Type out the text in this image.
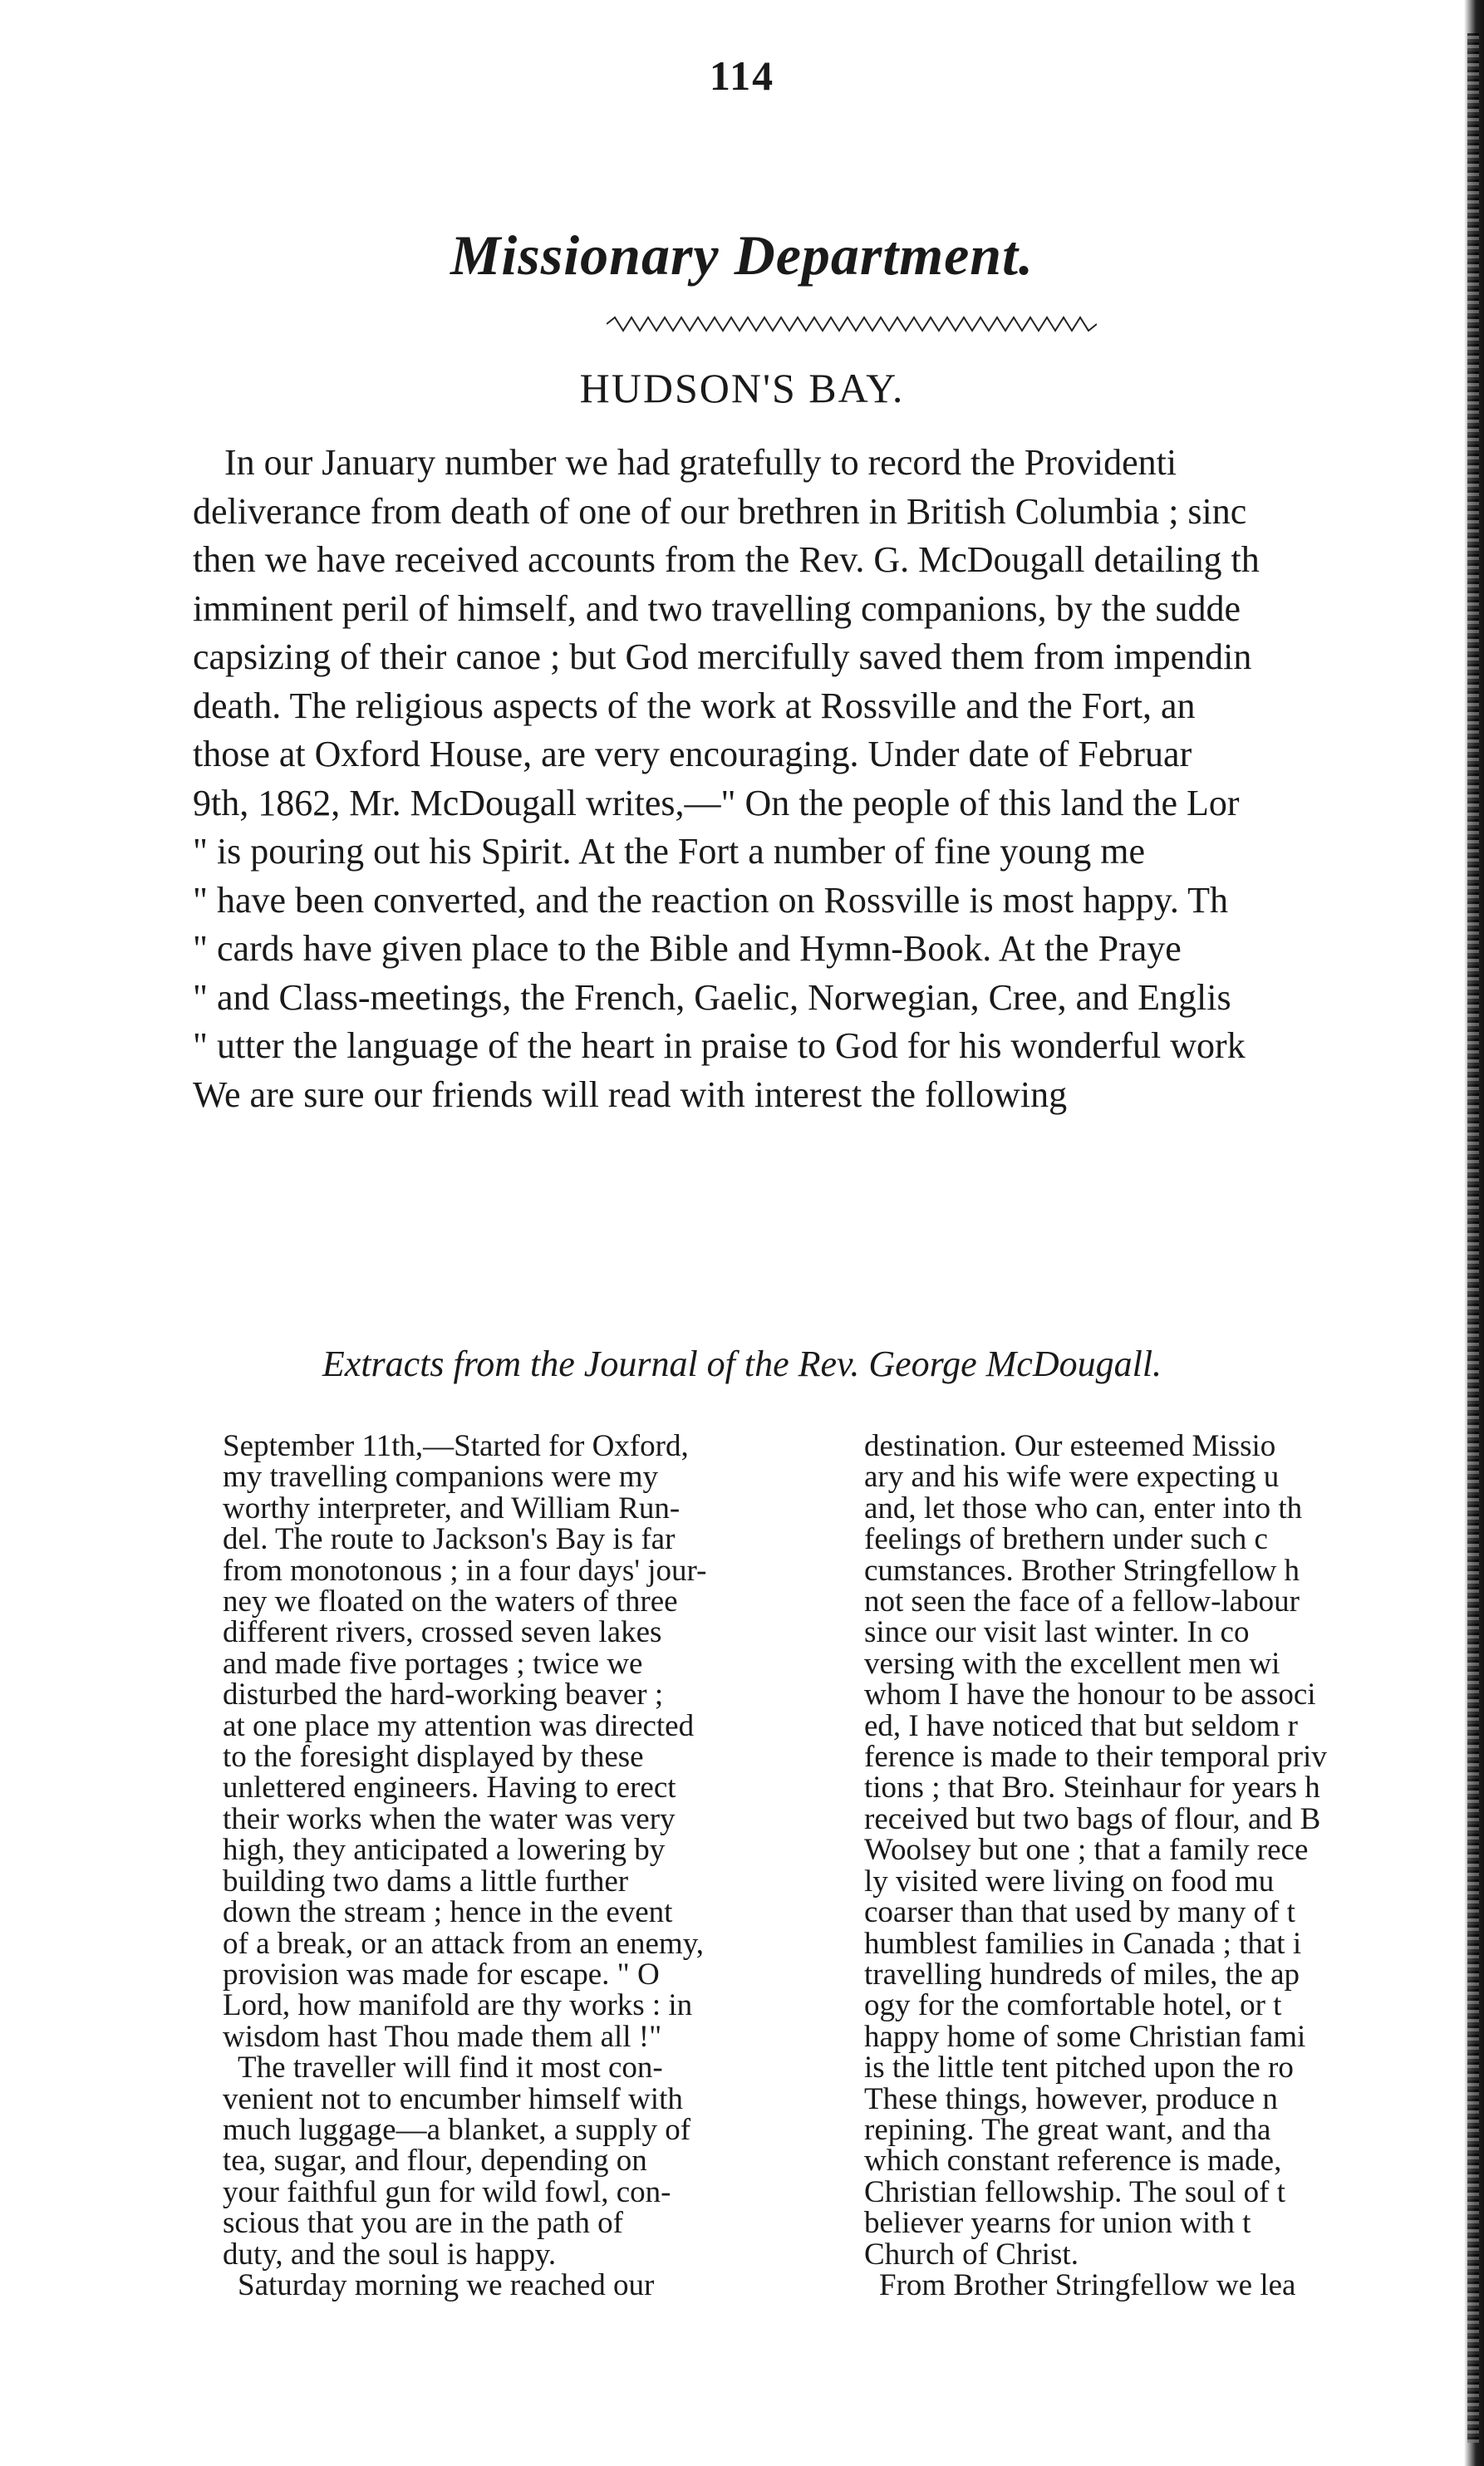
114
Missionary Department.
HUDSON'S BAY.
In our January number we had gratefully to record the Providenti
deliverance from death of one of our brethren in British Columbia ; sinc
then we have received accounts from the Rev. G. McDougall detailing th
imminent peril of himself, and two travelling companions, by the sudde
capsizing of their canoe ; but God mercifully saved them from impendin
death. The religious aspects of the work at Rossville and the Fort, an
those at Oxford House, are very encouraging. Under date of Februar
9th, 1862, Mr. McDougall writes,—" On the people of this land the Lor
" is pouring out his Spirit. At the Fort a number of fine young me
" have been converted, and the reaction on Rossville is most happy. Th
" cards have given place to the Bible and Hymn-Book. At the Praye
" and Class-meetings, the French, Gaelic, Norwegian, Cree, and Englis
" utter the language of the heart in praise to God for his wonderful work
We are sure our friends will read with interest the following
Extracts from the Journal of the Rev. George McDougall.
September 11th,—Started for Oxford,
my travelling companions were my
worthy interpreter, and William Run-
del. The route to Jackson's Bay is far
from monotonous ; in a four days' jour-
ney we floated on the waters of three
different rivers, crossed seven lakes
and made five portages ; twice we
disturbed the hard-working beaver ;
at one place my attention was directed
to the foresight displayed by these
unlettered engineers. Having to erect
their works when the water was very
high, they anticipated a lowering by
building two dams a little further
down the stream ; hence in the event
of a break, or an attack from an enemy,
provision was made for escape. " O
Lord, how manifold are thy works : in
wisdom hast Thou made them all !"
The traveller will find it most con-
venient not to encumber himself with
much luggage—a blanket, a supply of
tea, sugar, and flour, depending on
your faithful gun for wild fowl, con-
scious that you are in the path of
duty, and the soul is happy.
Saturday morning we reached our
destination. Our esteemed Missio
ary and his wife were expecting u
and, let those who can, enter into th
feelings of brethern under such c
cumstances. Brother Stringfellow h
not seen the face of a fellow-labour
since our visit last winter. In co
versing with the excellent men wi
whom I have the honour to be associ
ed, I have noticed that but seldom r
ference is made to their temporal priv
tions ; that Bro. Steinhaur for years h
received but two bags of flour, and B
Woolsey but one ; that a family rece
ly visited were living on food mu
coarser than that used by many of t
humblest families in Canada ; that i
travelling hundreds of miles, the ap
ogy for the comfortable hotel, or t
happy home of some Christian fami
is the little tent pitched upon the ro
These things, however, produce n
repining. The great want, and tha
which constant reference is made,
Christian fellowship. The soul of t
believer yearns for union with t
Church of Christ.
From Brother Stringfellow we lea
